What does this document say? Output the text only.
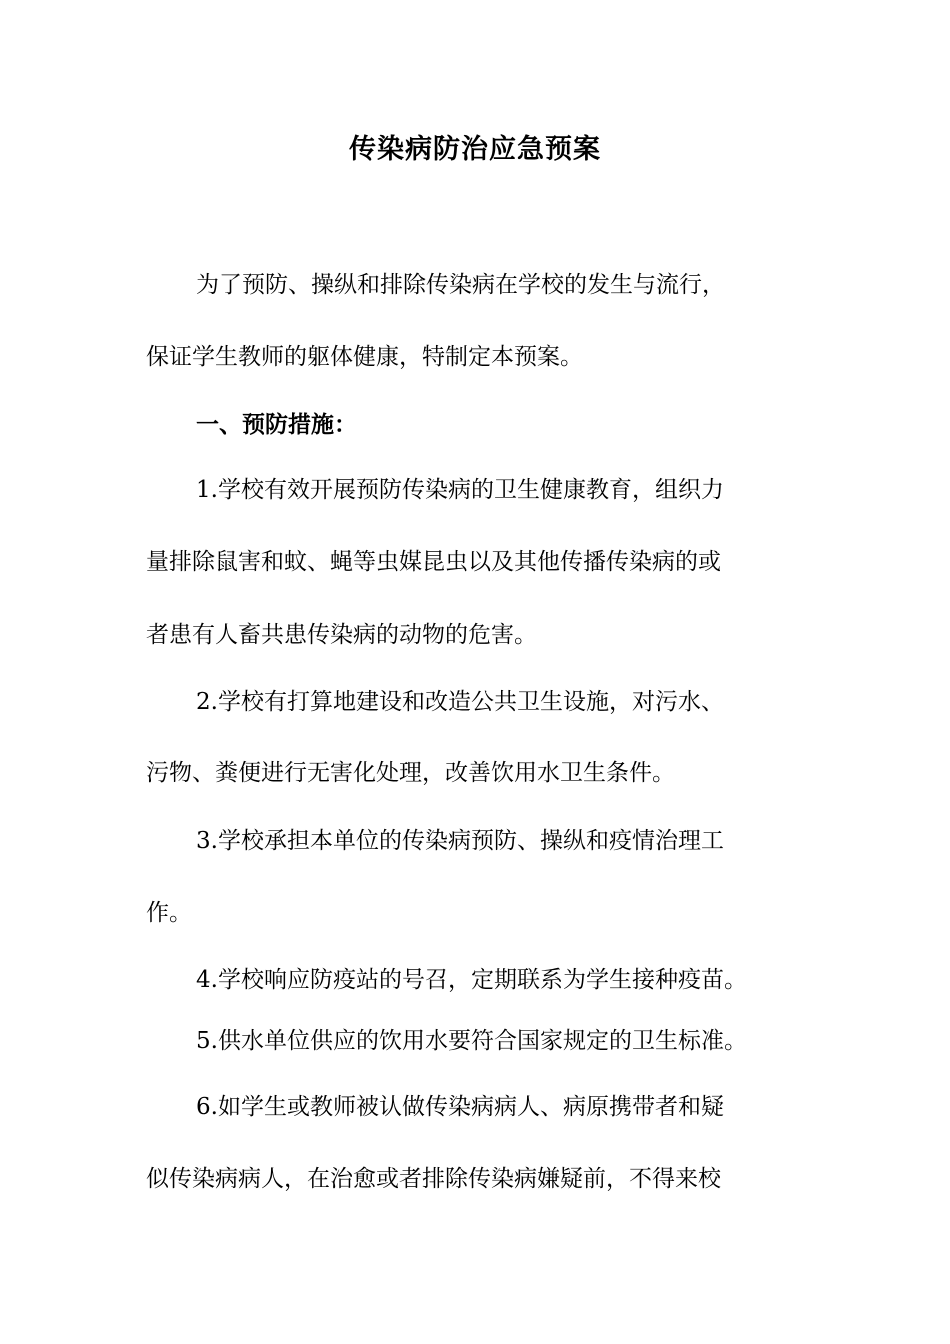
传染病防治应急预案
为了预防、操纵和排除传染病在学校的发生与流行，
保证学生教师的躯体健康，特制定本预案。
一、预防措施：
1.学校有效开展预防传染病的卫生健康教育，组织力
量排除鼠害和蚊、蝇等虫媒昆虫以及其他传播传染病的或
者患有人畜共患传染病的动物的危害。
2.学校有打算地建设和改造公共卫生设施，对污水、
污物、粪便进行无害化处理，改善饮用水卫生条件。
3.学校承担本单位的传染病预防、操纵和疫情治理工
作。
4.学校响应防疫站的号召，定期联系为学生接种疫苗。
5.供水单位供应的饮用水要符合国家规定的卫生标准。
6.如学生或教师被认做传染病病人、病原携带者和疑
似传染病病人，在治愈或者排除传染病嫌疑前，不得来校
